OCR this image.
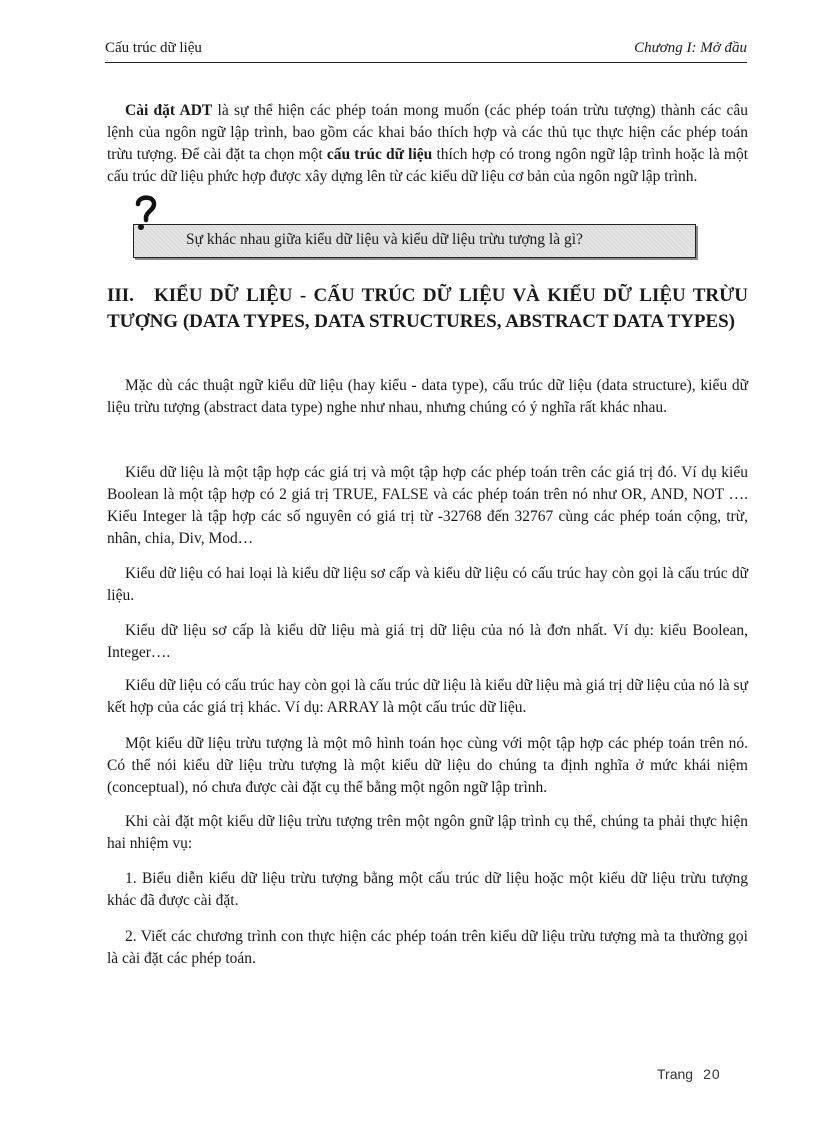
Cấu trúc dữ liệu	Chương I: Mở đầu

Cài đặt ADT là sự thể hiện các phép toán mong muốn (các phép toán trừu tượng) thành các câu lệnh của ngôn ngữ lập trình, bao gồm các khai báo thích hợp và các thủ tục thực hiện các phép toán trừu tượng. Để cài đặt ta chọn một cấu trúc dữ liệu thích hợp có trong ngôn ngữ lập trình hoặc là một cấu trúc dữ liệu phức hợp được xây dựng lên từ các kiểu dữ liệu cơ bản của ngôn ngữ lập trình.

Sự khác nhau giữa kiểu dữ liệu và kiểu dữ liệu trừu tượng là gì?
III. KIỂU DỮ LIỆU - CẤU TRÚC DỮ LIỆU VÀ KIỂU DỮ LIỆU TRỪU TƯỢNG (DATA TYPES, DATA STRUCTURES, ABSTRACT DATA TYPES)

Mặc dù các thuật ngữ kiểu dữ liệu (hay kiểu - data type), cấu trúc dữ liệu (data structure), kiểu dữ liệu trừu tượng (abstract data type) nghe như nhau, nhưng chúng có ý nghĩa rất khác nhau.

Kiểu dữ liệu là một tập hợp các giá trị và một tập hợp các phép toán trên các giá trị đó. Ví dụ kiểu Boolean là một tập hợp có 2 giá trị TRUE, FALSE và các phép toán trên nó như OR, AND, NOT …. Kiểu Integer là tập hợp các số nguyên có giá trị từ -32768 đến 32767 cùng các phép toán cộng, trừ, nhân, chia, Div, Mod…

Kiểu dữ liệu có hai loại là kiểu dữ liệu sơ cấp và kiểu dữ liệu có cấu trúc hay còn gọi là cấu trúc dữ liệu.

Kiểu dữ liệu sơ cấp là kiểu dữ liệu mà giá trị dữ liệu của nó là đơn nhất. Ví dụ: kiểu Boolean, Integer….

Kiểu dữ liệu có cấu trúc hay còn gọi là cấu trúc dữ liệu là kiểu dữ liệu mà giá trị dữ liệu của nó là sự kết hợp của các giá trị khác. Ví dụ: ARRAY là một cấu trúc dữ liệu.

Một kiểu dữ liệu trừu tượng là một mô hình toán học cùng với một tập hợp các phép toán trên nó. Có thể nói kiểu dữ liệu trừu tượng là một kiểu dữ liệu do chúng ta định nghĩa ở mức khái niệm (conceptual), nó chưa được cài đặt cụ thể bằng một ngôn ngữ lập trình.

Khi cài đặt một kiểu dữ liệu trừu tượng trên một ngôn gnữ lập trình cụ thể, chúng ta phải thực hiện hai nhiệm vụ:

1. Biểu diễn kiểu dữ liệu trừu tượng bằng một cấu trúc dữ liệu hoặc một kiểu dữ liệu trừu tượng khác đã được cài đặt.

2. Viết các chương trình con thực hiện các phép toán trên kiểu dữ liệu trừu tượng mà ta thường gọi là cài đặt các phép toán.

Trang 20
